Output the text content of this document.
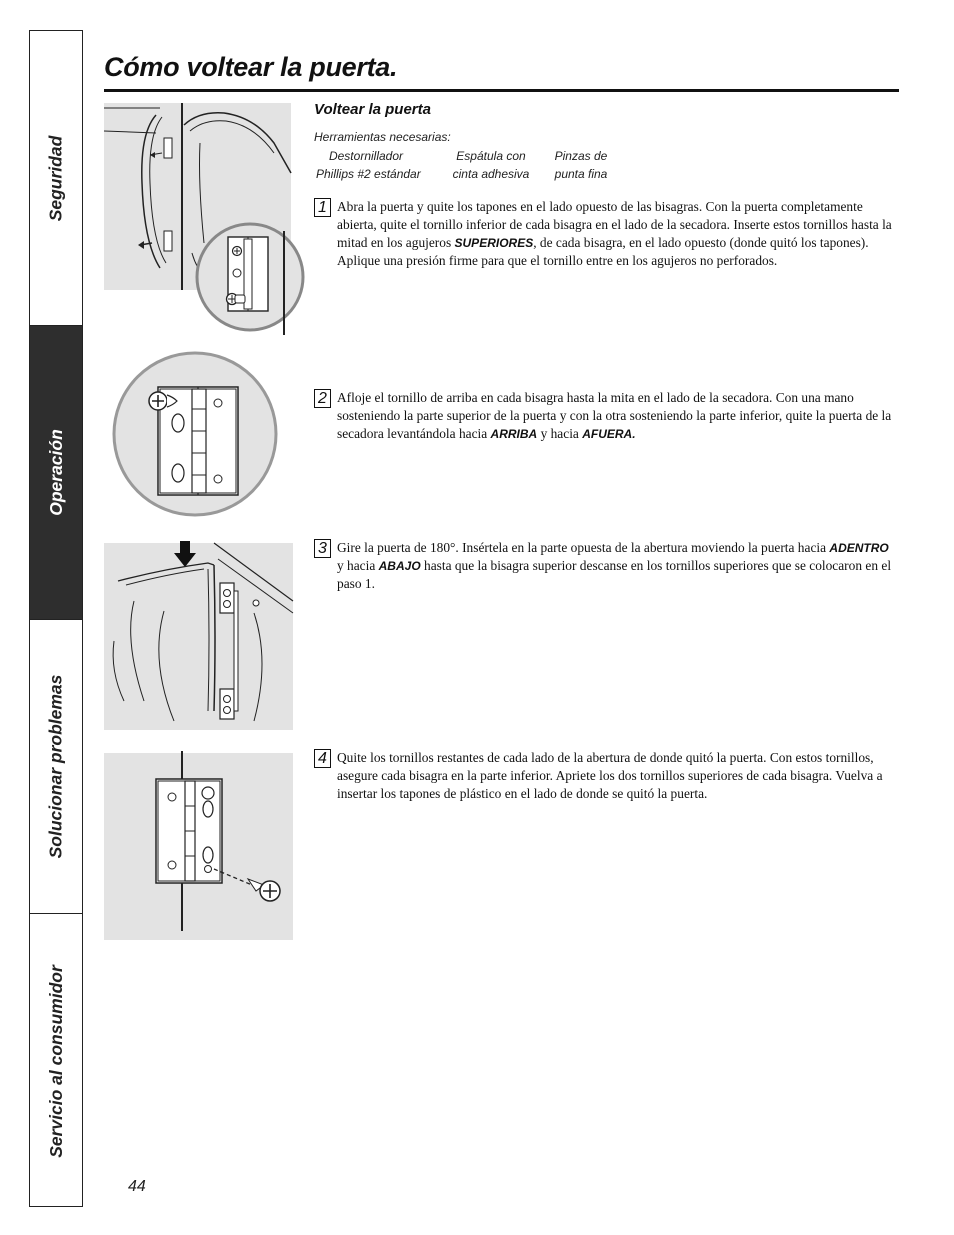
Seguridad
Operación
Solucionar problemas
Servicio al consumidor
Cómo voltear la puerta.
Voltear la puerta
Herramientas necesarias:
Destornillador
Phillips #2 estándar
Espátula con
cinta adhesiva
Pinzas de
punta fina
1 Abra la puerta y quite los tapones en el lado opuesto de las bisagras. Con la puerta completamente abierta, quite el tornillo inferior de cada bisagra en el lado de la secadora. Inserte estos tornillos hasta la mitad en los agujeros SUPERIORES, de cada bisagra, en el lado opuesto (donde quitó los tapones). Aplique una presión firme para que el tornillo entre en los agujeros no perforados.

2 Afloje el tornillo de arriba en cada bisagra hasta la mita en el lado de la secadora. Con una mano sosteniendo la parte superior de la puerta y con la otra sosteniendo la parte inferior, quite la puerta de la secadora levantándola hacia ARRIBA y hacia AFUERA.

3 Gire la puerta de 180°. Insértela en la parte opuesta de la abertura moviendo la puerta hacia ADENTRO y hacia ABAJO hasta que la bisagra superior descanse en los tornillos superiores que se colocaron en el paso 1.

4 Quite los tornillos restantes de cada lado de la abertura de donde quitó la puerta. Con estos tornillos, asegure cada bisagra en la parte inferior. Apriete los dos tornillos superiores de cada bisagra. Vuelva a insertar los tapones de plástico en el lado de donde se quitó la puerta.

44
